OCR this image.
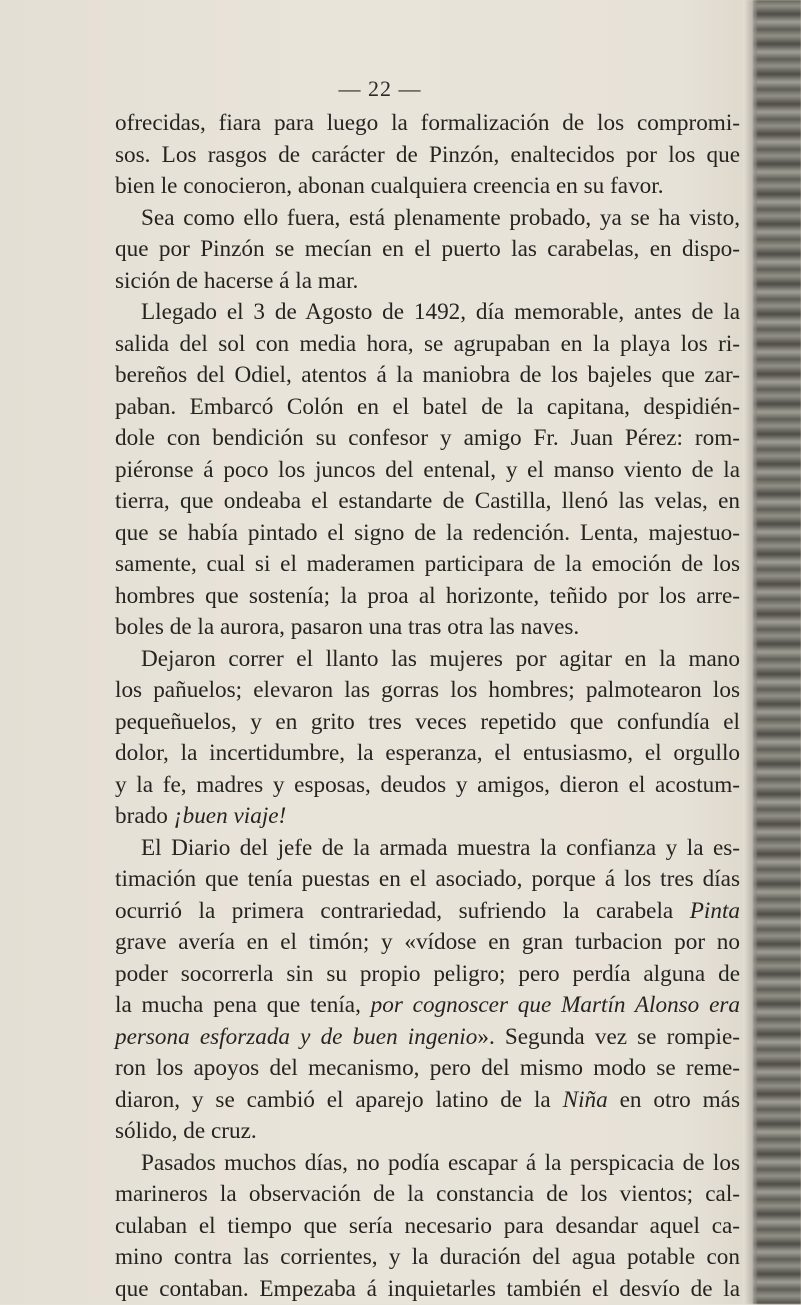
— 22 —

ofrecidas, fiara para luego la formalización de los compromi-

sos. Los rasgos de carácter de Pinzón, enaltecidos por los que

bien le conocieron, abonan cualquiera creencia en su favor.

Sea como ello fuera, está plenamente probado, ya se ha visto,

que por Pinzón se mecían en el puerto las carabelas, en dispo-

sición de hacerse á la mar.

Llegado el 3 de Agosto de 1492, día memorable, antes de la

salida del sol con media hora, se agrupaban en la playa los ri-

bereños del Odiel, atentos á la maniobra de los bajeles que zar-

paban. Embarcó Colón en el batel de la capitana, despidién-

dole con bendición su confesor y amigo Fr. Juan Pérez: rom-

piéronse á poco los juncos del entenal, y el manso viento de la

tierra, que ondeaba el estandarte de Castilla, llenó las velas, en

que se había pintado el signo de la redención. Lenta, majestuo-

samente, cual si el maderamen participara de la emoción de los

hombres que sostenía; la proa al horizonte, teñido por los arre-

boles de la aurora, pasaron una tras otra las naves.

Dejaron correr el llanto las mujeres por agitar en la mano

los pañuelos; elevaron las gorras los hombres; palmotearon los

pequeñuelos, y en grito tres veces repetido que confundía el

dolor, la incertidumbre, la esperanza, el entusiasmo, el orgullo

y la fe, madres y esposas, deudos y amigos, dieron el acostum-

brado ¡buen viaje!

El Diario del jefe de la armada muestra la confianza y la es-

timación que tenía puestas en el asociado, porque á los tres días

ocurrió la primera contrariedad, sufriendo la carabela Pinta

grave avería en el timón; y «vídose en gran turbacion por no

poder socorrerla sin su propio peligro; pero perdía alguna de

la mucha pena que tenía, por cognoscer que Martín Alonso era

persona esforzada y de buen ingenio». Segunda vez se rompie-

ron los apoyos del mecanismo, pero del mismo modo se reme-

diaron, y se cambió el aparejo latino de la Niña en otro más

sólido, de cruz.

Pasados muchos días, no podía escapar á la perspicacia de los

marineros la observación de la constancia de los vientos; cal-

culaban el tiempo que sería necesario para desandar aquel ca-

mino contra las corrientes, y la duración del agua potable con

que contaban. Empezaba á inquietarles también el desvío de la
